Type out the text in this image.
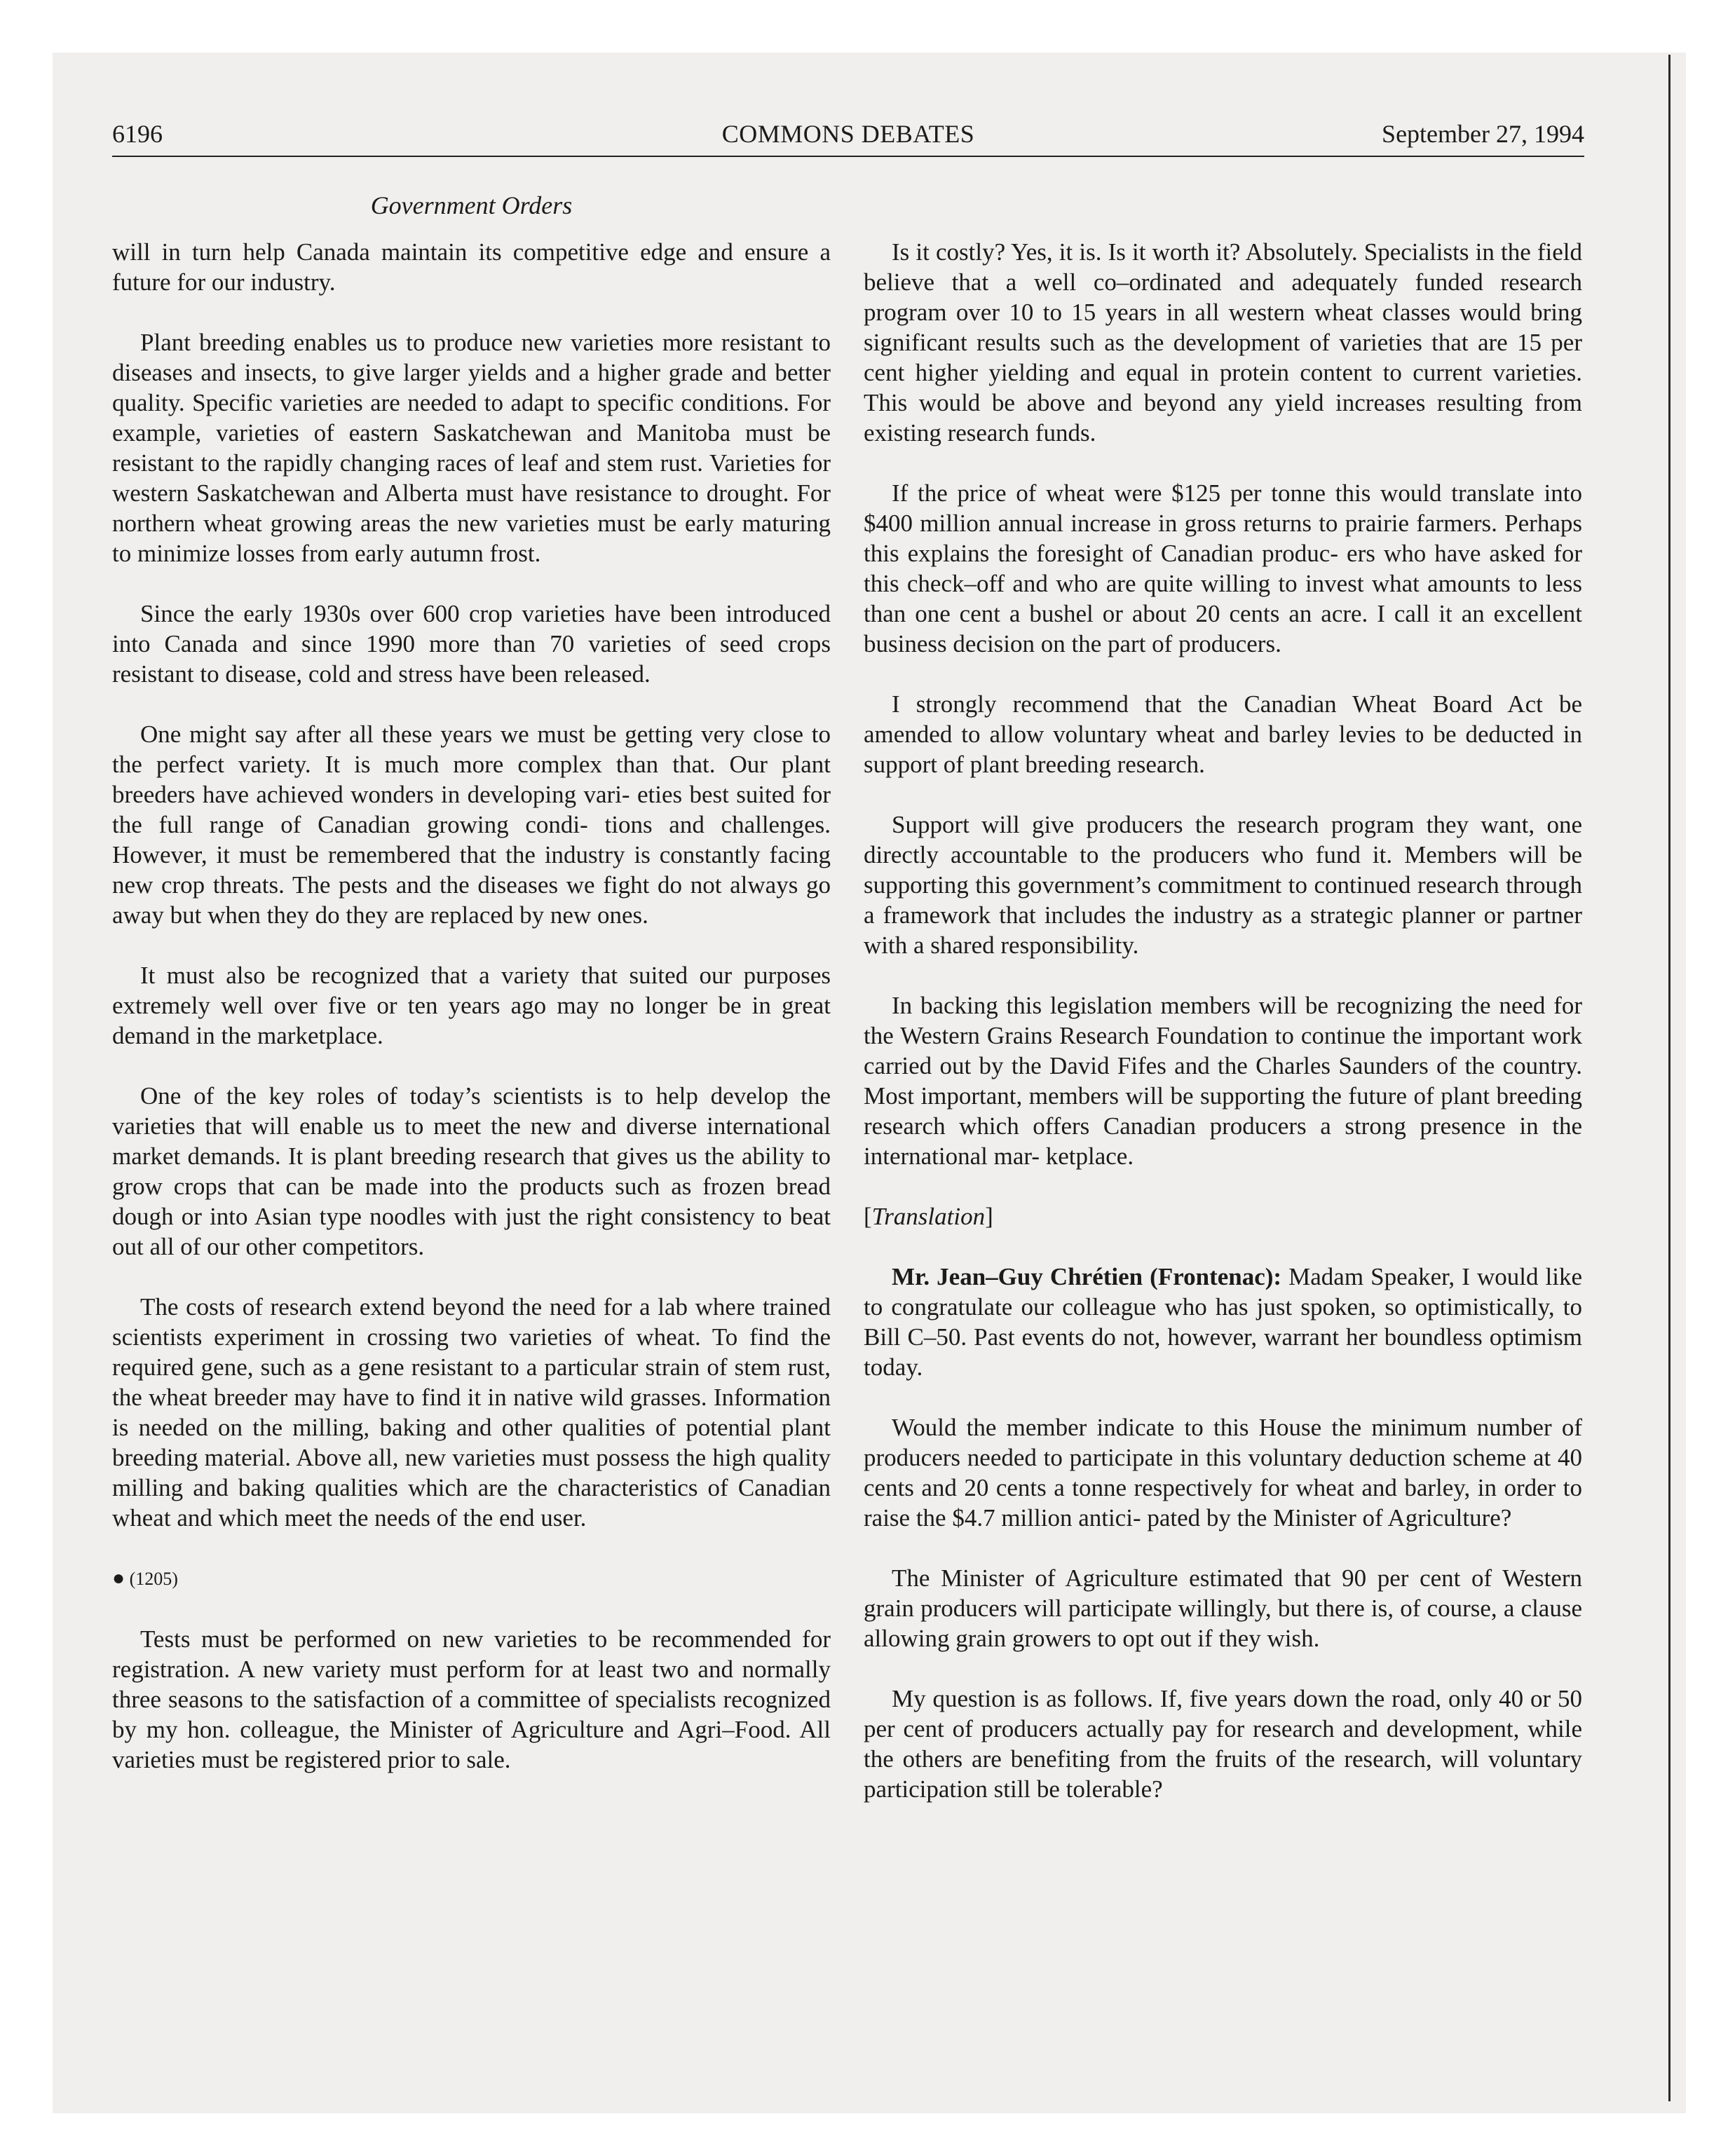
6196	COMMONS DEBATES	September 27, 1994
Government Orders

will in turn help Canada maintain its competitive edge and ensure a future for our industry.

Plant breeding enables us to produce new varieties more resistant to diseases and insects, to give larger yields and a higher grade and better quality. Specific varieties are needed to adapt to specific conditions. For example, varieties of eastern Saskatchewan and Manitoba must be resistant to the rapidly changing races of leaf and stem rust. Varieties for western Saskatchewan and Alberta must have resistance to drought. For northern wheat growing areas the new varieties must be early maturing to minimize losses from early autumn frost.

Since the early 1930s over 600 crop varieties have been introduced into Canada and since 1990 more than 70 varieties of seed crops resistant to disease, cold and stress have been released.

One might say after all these years we must be getting very close to the perfect variety. It is much more complex than that. Our plant breeders have achieved wonders in developing vari- eties best suited for the full range of Canadian growing condi- tions and challenges. However, it must be remembered that the industry is constantly facing new crop threats. The pests and the diseases we fight do not always go away but when they do they are replaced by new ones.

It must also be recognized that a variety that suited our purposes extremely well over five or ten years ago may no longer be in great demand in the marketplace.

One of the key roles of today’s scientists is to help develop the varieties that will enable us to meet the new and diverse international market demands. It is plant breeding research that gives us the ability to grow crops that can be made into the products such as frozen bread dough or into Asian type noodles with just the right consistency to beat out all of our other competitors.

The costs of research extend beyond the need for a lab where trained scientists experiment in crossing two varieties of wheat. To find the required gene, such as a gene resistant to a particular strain of stem rust, the wheat breeder may have to find it in native wild grasses. Information is needed on the milling, baking and other qualities of potential plant breeding material. Above all, new varieties must possess the high quality milling and baking qualities which are the characteristics of Canadian wheat and which meet the needs of the end user.

● (1205)

Tests must be performed on new varieties to be recommended for registration. A new variety must perform for at least two and normally three seasons to the satisfaction of a committee of specialists recognized by my hon. colleague, the Minister of Agriculture and Agri–Food. All varieties must be registered prior to sale.

Is it costly? Yes, it is. Is it worth it? Absolutely. Specialists in the field believe that a well co–ordinated and adequately funded research program over 10 to 15 years in all western wheat classes would bring significant results such as the development of varieties that are 15 per cent higher yielding and equal in protein content to current varieties. This would be above and beyond any yield increases resulting from existing research funds.

If the price of wheat were $125 per tonne this would translate into $400 million annual increase in gross returns to prairie farmers. Perhaps this explains the foresight of Canadian produc- ers who have asked for this check–off and who are quite willing to invest what amounts to less than one cent a bushel or about 20 cents an acre. I call it an excellent business decision on the part of producers.

I strongly recommend that the Canadian Wheat Board Act be amended to allow voluntary wheat and barley levies to be deducted in support of plant breeding research.

Support will give producers the research program they want, one directly accountable to the producers who fund it. Members will be supporting this government’s commitment to continued research through a framework that includes the industry as a strategic planner or partner with a shared responsibility.

In backing this legislation members will be recognizing the need for the Western Grains Research Foundation to continue the important work carried out by the David Fifes and the Charles Saunders of the country. Most important, members will be supporting the future of plant breeding research which offers Canadian producers a strong presence in the international mar- ketplace.

[Translation]

Mr. Jean–Guy Chrétien (Frontenac): Madam Speaker, I would like to congratulate our colleague who has just spoken, so optimistically, to Bill C–50. Past events do not, however, warrant her boundless optimism today.

Would the member indicate to this House the minimum number of producers needed to participate in this voluntary deduction scheme at 40 cents and 20 cents a tonne respectively for wheat and barley, in order to raise the $4.7 million antici- pated by the Minister of Agriculture?

The Minister of Agriculture estimated that 90 per cent of Western grain producers will participate willingly, but there is, of course, a clause allowing grain growers to opt out if they wish.

My question is as follows. If, five years down the road, only 40 or 50 per cent of producers actually pay for research and development, while the others are benefiting from the fruits of the research, will voluntary participation still be tolerable?
